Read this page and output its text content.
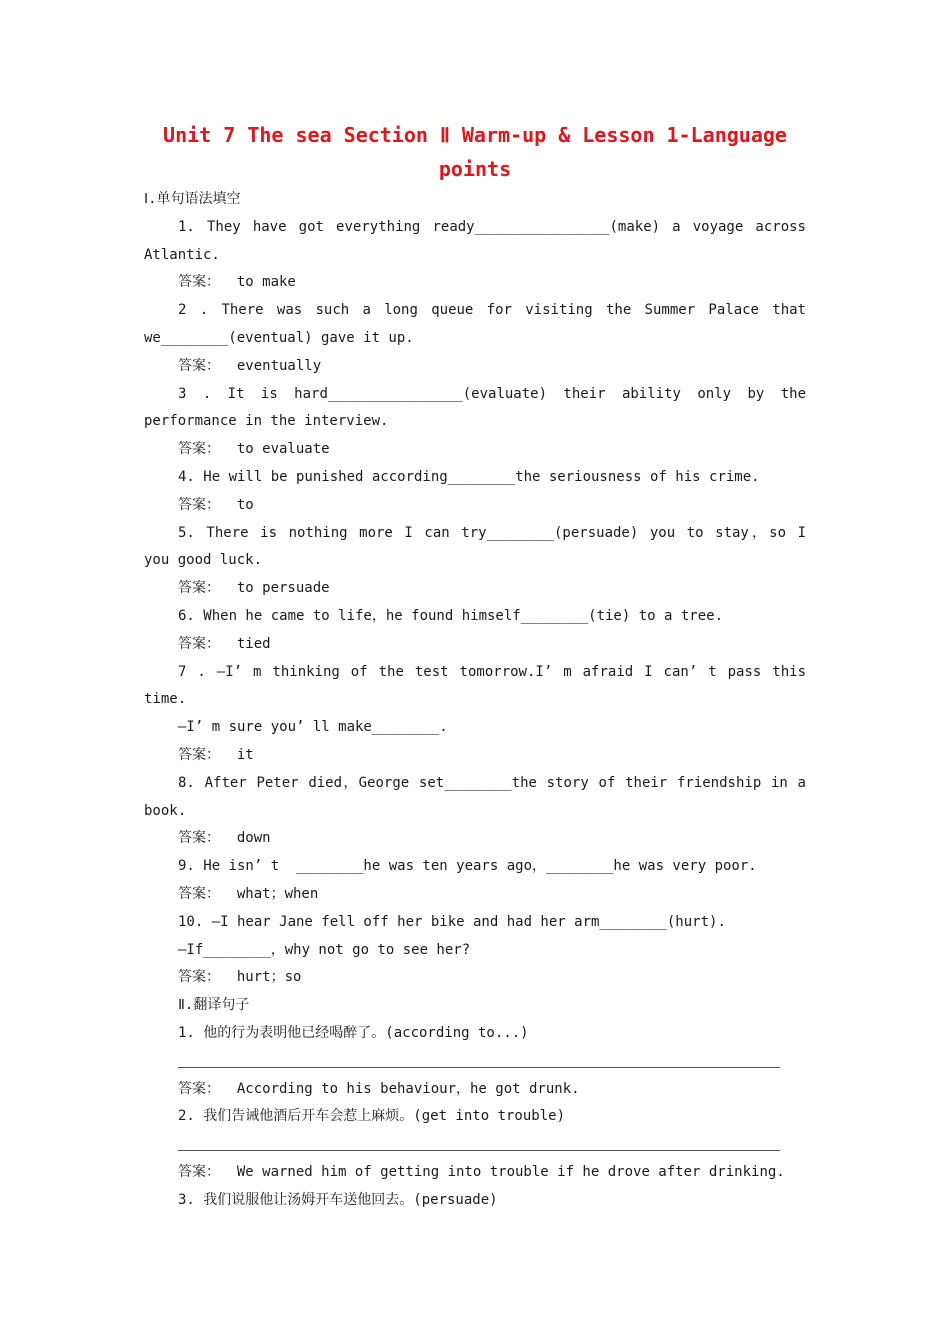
Unit 7 The sea Section Ⅱ Warm-up & Lesson 1-Language
points
Ⅰ.单句语法填空
1. They have got everything ready________________(make) a voyage across
Atlantic.
答案： to make
2 . There was such a long queue for visiting the Summer Palace that
we________(eventual) gave it up.
答案： eventually
3 . It is hard________________(evaluate) their ability only by the
performance in the interview.
答案： to evaluate
4. He will be punished according________the seriousness of his crime.
答案： to
5. There is nothing more I can try________(persuade) you to stay，so I
you good luck.
答案： to persuade
6. When he came to life，he found himself________(tie) to a tree.
答案： tied
7 . —I’ m thinking of the test tomorrow.I’ m afraid I can’ t pass this
time.
—I’ m sure you’ ll make________.
答案： it
8. After Peter died，George set________the story of their friendship in a
book.
答案： down
9. He isn’ t  ________he was ten years ago，________he was very poor.
答案： what；when
10. —I hear Jane fell off her bike and had her arm________(hurt).
—If________，why not go to see her?
答案： hurt；so
Ⅱ.翻译句子
1. 他的行为表明他已经喝醉了。(according to...)
答案： According to his behaviour，he got drunk.
2. 我们告诫他酒后开车会惹上麻烦。(get into trouble)
答案： We warned him of getting into trouble if he drove after drinking.
3. 我们说服他让汤姆开车送他回去。(persuade)
